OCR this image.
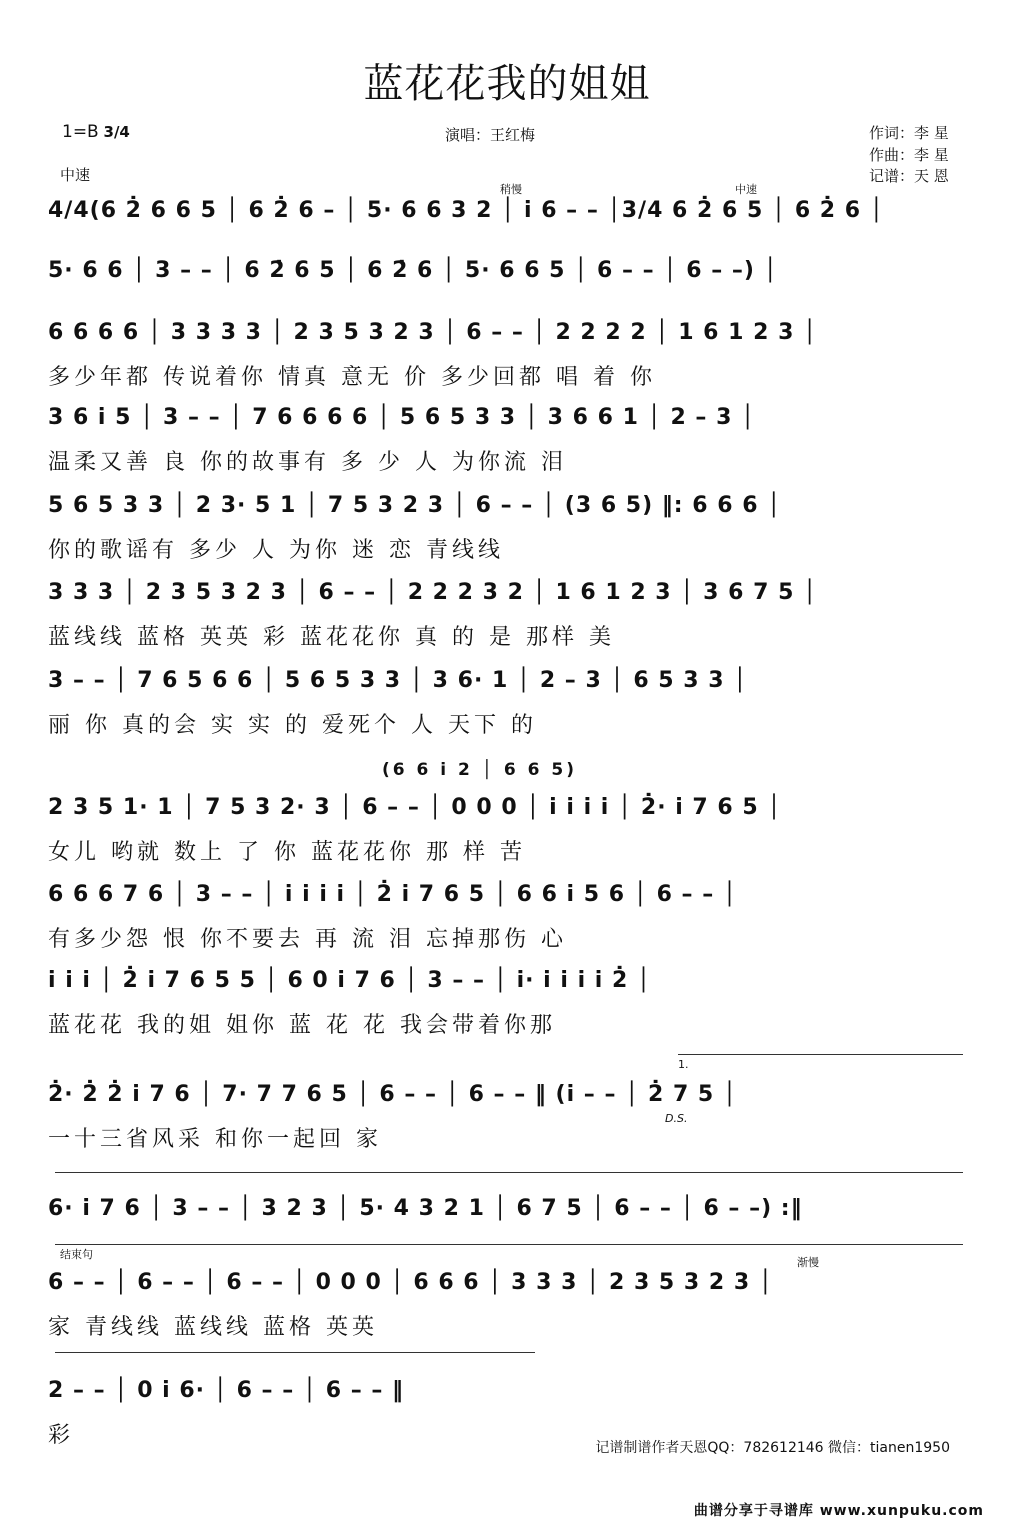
蓝花花我的姐姐
1=B 3/4
中速
演唱：王红梅	作词：李 星
作曲：李 星
记谱：天 恩
稍慢	中速
4/4(6 2̇ 6 6 5 │ 6 2̇ 6 – │ 5· 6 6 3 2 │ i 6 – – │3/4 6 2̇ 6 5 │ 6 2̇ 6 │
5· 6 6 │ 3 – – │ 6 2̇ 6 5 │ 6 2̇ 6 │ 5· 6 6 5 │ 6 – – │ 6 – –) │
6 6 6 6 │ 3 3 3 3 │ 2 3 5 3 2 3 │ 6 – – │ 2 2 2 2 │ 1 6 1 2 3 │
多少年都 传说着你 情真 意无 价 多少回都 唱 着 你
3 6 i 5 │ 3 – – │ 7 6 6 6 6 │ 5 6 5 3 3 │ 3 6 6 1 │ 2 – 3 │
温柔又善 良 你的故事有 多 少 人 为你流 泪
5 6 5 3 3 │ 2 3· 5 1 │ 7 5 3 2 3 │ 6 – – │ (3 6 5) ‖: 6 6 6 │
你的歌谣有 多少 人 为你 迷 恋 青线线
3 3 3 │ 2 3 5 3 2 3 │ 6 – – │ 2 2 2 3 2 │ 1 6 1 2 3 │ 3 6 7 5 │
蓝线线 蓝格 英英 彩 蓝花花你 真 的 是 那样 美
3 – – │ 7 6 5 6 6 │ 5 6 5 3 3 │ 3 6· 1 │ 2 – 3 │ 6 5 3 3 │
丽 你 真的会 实 实 的 爱死个 人 天下 的
2 3 5 1· 1 │ 7 5 3 2· 3 │ 6 – – │ 0 0 0 │ i i i i │ 2̇· i 7 6 5 │
女儿 哟就 数上 了 你 蓝花花你 那 样 苦
6 6 6 7 6 │ 3 – – │ i i i i │ 2̇ i 7 6 5 │ 6 6 i 5 6 │ 6 – – │
有多少怨 恨 你不要去 再 流 泪 忘掉那伤 心
i i i │ 2̇ i 7 6 5 5 │ 6 0 i 7 6 │ 3 – – │ i· i i i i 2̇ │
蓝花花 我的姐 姐你 蓝 花 花 我会带着你那
2̇· 2̇ 2̇ i 7 6 │ 7· 7 7 6 5 │ 6 – – │ 6 – – ‖ (i – – │ 2̇ 7 5 │
一十三省风采 和你一起回 家
6· i 7 6 │ 3 – – │ 3 2 3 │ 5· 4 3 2 1 │ 6 7 5 │ 6 – – │ 6 – –) :‖
6 – – │ 6 – – │ 6 – – │ 0 0 0 │ 6 6 6 │ 3 3 3 │ 2 3 5 3 2 3 │
家 青线线 蓝线线 蓝格 英英
2 – – │ 0 i 6· │ 6 – – │ 6 – – ‖
彩
(6 6 i 2 │ 6 6 5)
1.
D.S.
结束句
渐慢
记谱制谱作者天恩QQ：782612146 微信：tianen1950
曲谱分享于寻谱库 www.xunpuku.com
